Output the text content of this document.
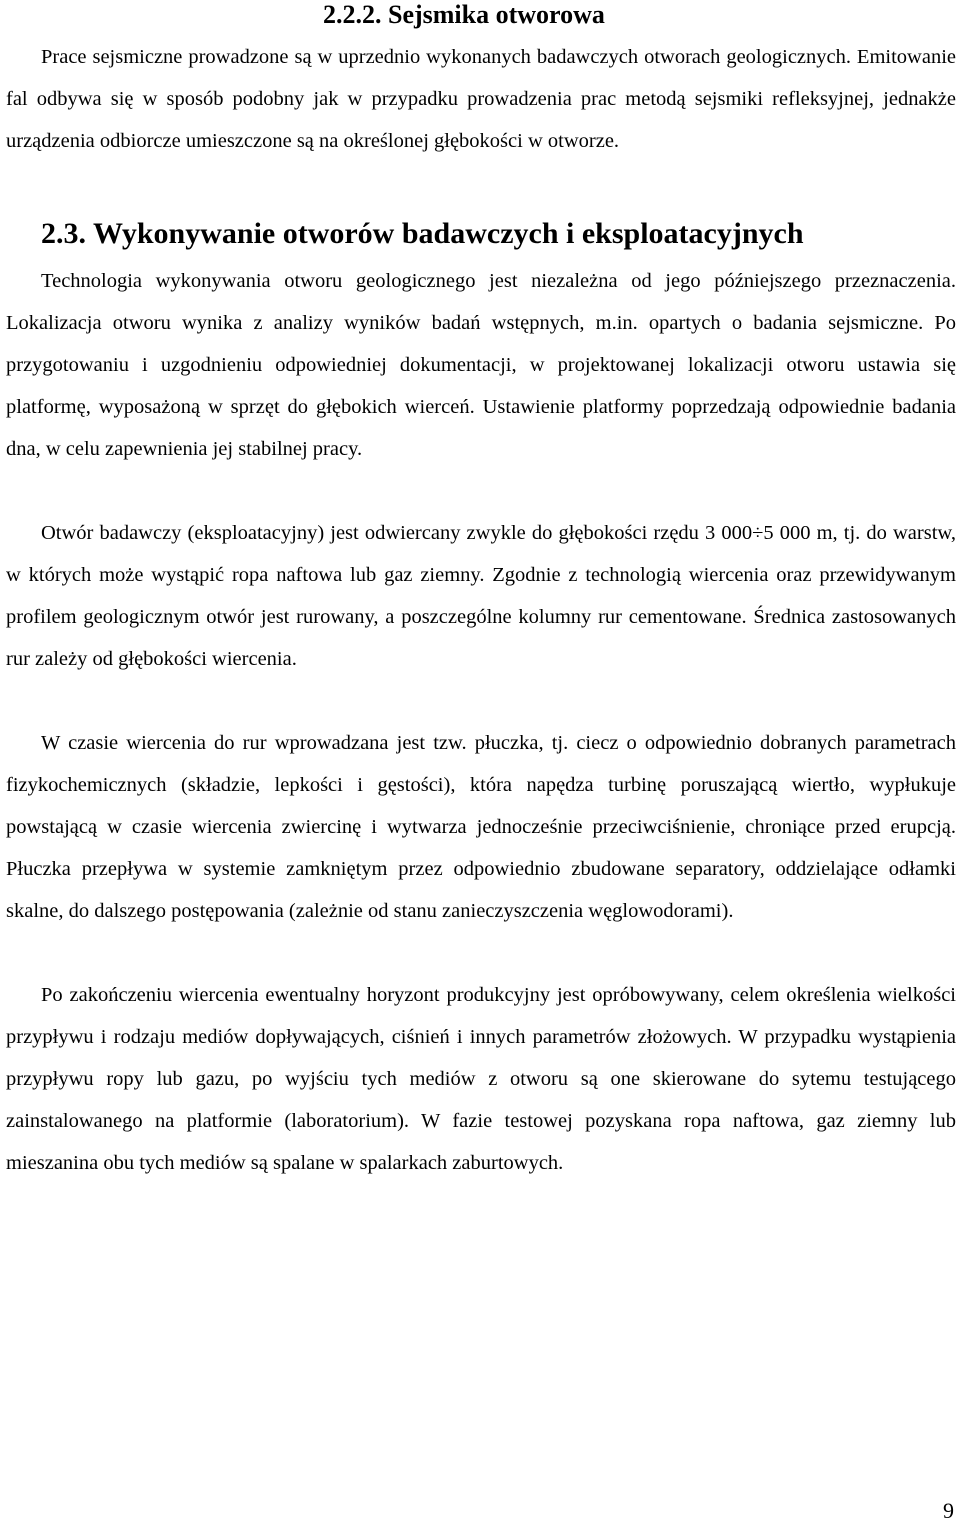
2.2.2. Sejsmika otworowa

Prace sejsmiczne prowadzone są w uprzednio wykonanych badawczych otworach geologicznych. Emitowanie fal odbywa się w sposób podobny jak w przypadku prowadzenia prac metodą sejsmiki refleksyjnej, jednakże urządzenia odbiorcze umieszczone są na określonej głębokości w otworze.

2.3. Wykonywanie otworów badawczych i eksploatacyjnych

Technologia wykonywania otworu geologicznego jest niezależna od jego późniejszego przeznaczenia. Lokalizacja otworu wynika z analizy wyników badań wstępnych, m.in. opartych o badania sejsmiczne. Po przygotowaniu i uzgodnieniu odpowiedniej dokumentacji, w projektowanej lokalizacji otworu ustawia się platformę, wyposażoną w sprzęt do głębokich wierceń. Ustawienie platformy poprzedzają odpowiednie badania dna, w celu zapewnienia jej stabilnej pracy.

Otwór badawczy (eksploatacyjny) jest odwiercany zwykle do głębokości rzędu 3 000÷5 000 m, tj. do warstw, w których może wystąpić ropa naftowa lub gaz ziemny. Zgodnie z technologią wiercenia oraz przewidywanym profilem geologicznym otwór jest rurowany, a poszczególne kolumny rur cementowane. Średnica zastosowanych rur zależy od głębokości wiercenia.

W czasie wiercenia do rur wprowadzana jest tzw. płuczka, tj. ciecz o odpowiednio dobranych parametrach fizykochemicznych (składzie, lepkości i gęstości), która napędza turbinę poruszającą wiertło, wypłukuje powstającą w czasie wiercenia zwiercinę i wytwarza jednocześnie przeciwciśnienie, chroniące przed erupcją. Płuczka przepływa w systemie zamkniętym przez odpowiednio zbudowane separatory, oddzielające odłamki skalne, do dalszego postępowania (zależnie od stanu zanieczyszczenia węglowodorami).

Po zakończeniu wiercenia ewentualny horyzont produkcyjny jest opróbowywany, celem określenia wielkości przypływu i rodzaju mediów dopływających, ciśnień i innych parametrów złożowych. W przypadku wystąpienia przypływu ropy lub gazu, po wyjściu tych mediów z otworu są one skierowane do sytemu testującego zainstalowanego na platformie (laboratorium). W fazie testowej pozyskana ropa naftowa, gaz ziemny lub mieszanina obu tych mediów są spalane w spalarkach zaburtowych.

9
